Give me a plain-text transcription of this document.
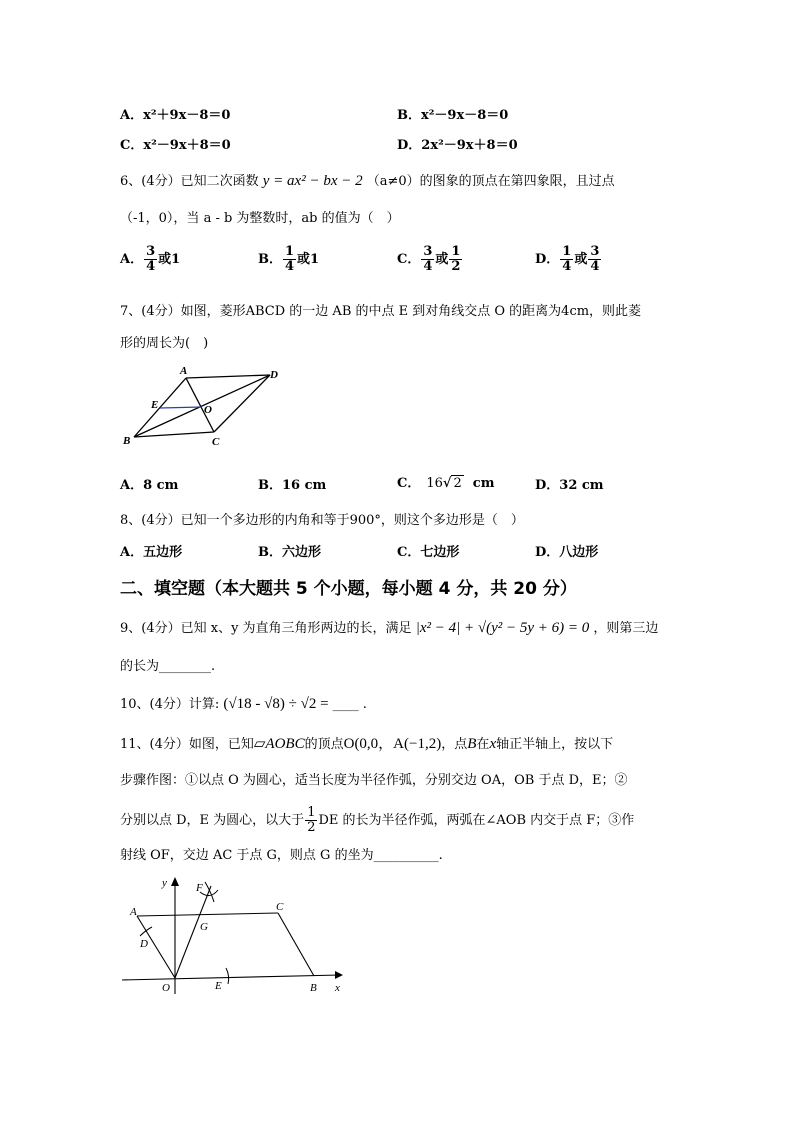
A．x²＋9x－8＝0	B．x²－9x－8＝0
C．x²－9x＋8＝0	D．2x²－9x＋8＝0
6、(4分）已知二次函数 y = ax² − bx − 2 （a≠0）的图象的顶点在第四象限，且过点
（-1，0），当 a - b 为整数时，ab 的值为（　）
A． $\frac{3}{4}$ 或1	B． $\frac{1}{4}$ 或1	C． $\frac{3}{4}$ 或 $\frac{1}{2}$	D． $\frac{1}{4}$ 或 $\frac{3}{4}$
7、(4分）如图，菱形ABCD 的一边 AB 的中点 E 到对角线交点 O 的距离为4cm，则此菱
形的周长为(　)
A	D
E	O
B	C
A．8 cm	B．16 cm	C． 16√ 2 cm	D．32 cm
8、(4分）已知一个多边形的内角和等于900°，则这个多边形是（　）
A．五边形	B．六边形	C．七边形	D．八边形
二、填空题（本大题共 5 个小题，每小题 4 分，共 20 分）
9、(4分）已知 x、y 为直角三角形两边的长，满足 |x² − 4| + √(y² − 5y + 6) = 0 ，则第三边
的长为________.
10、(4分）计算: (√18 - √8) ÷ √2 = ____ .
11、(4分）如图，已知▱AOBC的顶点O(0,0，A(−1,2)，点B在x轴正半轴上，按以下
步骤作图：①以点 O 为圆心，适当长度为半径作弧，分别交边 OA，OB 于点 D，E；②
分别以点 D，E 为圆心，以大于 $\frac{1}{2}$ DE 的长为半径作弧，两弧在∠AOB 内交于点 F；③作
射线 OF，交边 AC 于点 G，则点 G 的坐为__________.
y	F
A
G
C
D
O	E	B x
